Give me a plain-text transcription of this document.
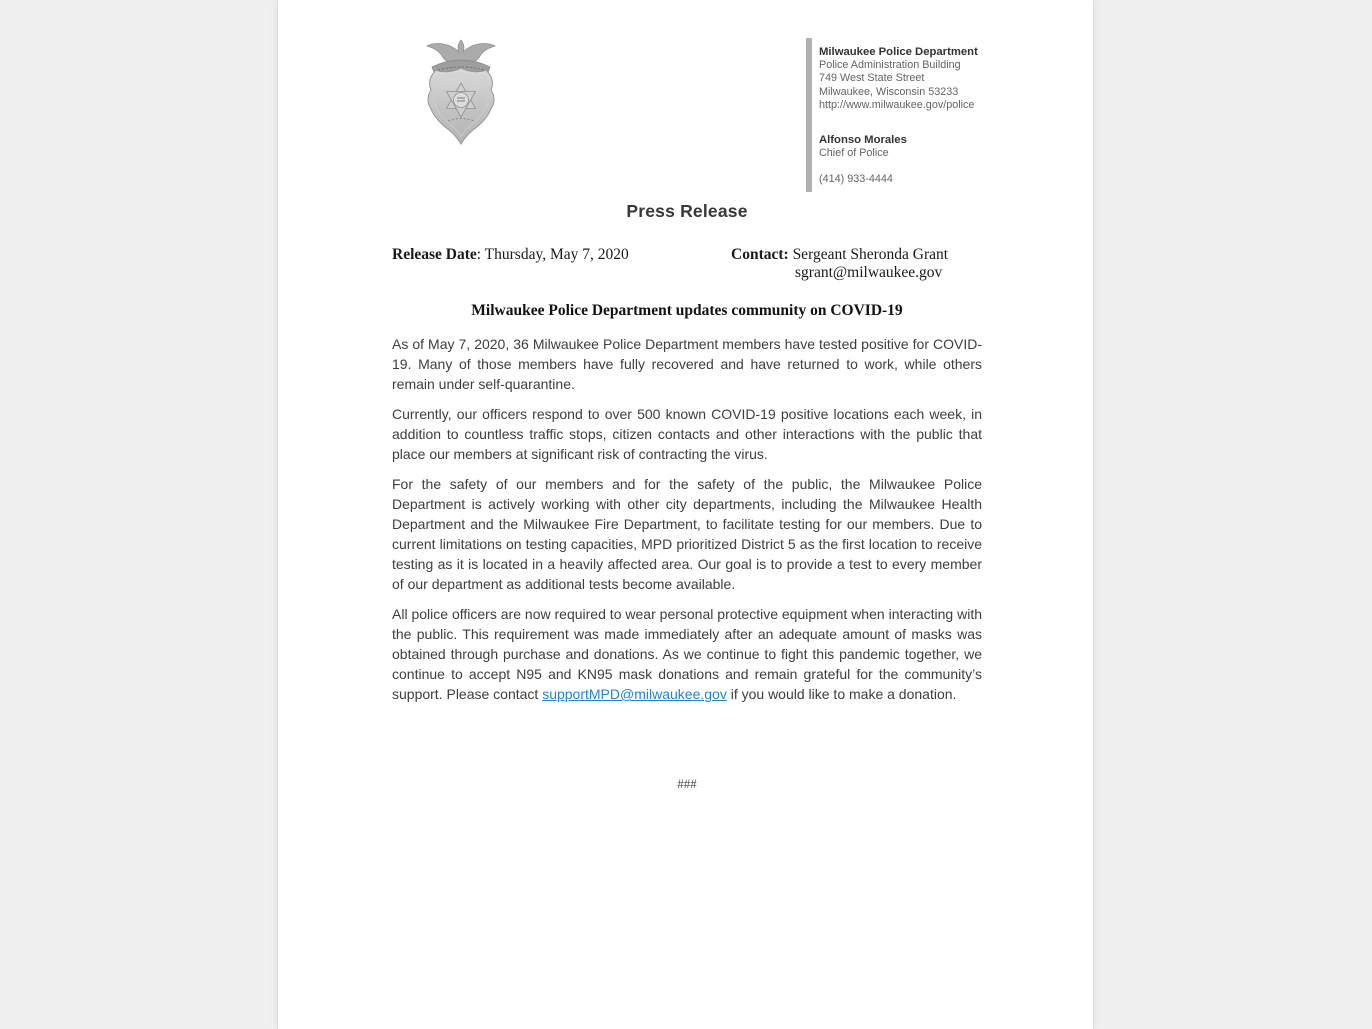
Milwaukee Police Department
Police Administration Building
749 West State Street
Milwaukee, Wisconsin 53233
http://www.milwaukee.gov/police
Alfonso Morales
Chief of Police
(414) 933-4444
Press Release
Release Date: Thursday, May 7, 2020	Contact: Sergeant Sheronda Grant
sgrant@milwaukee.gov
Milwaukee Police Department updates community on COVID-19

As of May 7, 2020, 36 Milwaukee Police Department members have tested positive for COVID-19. Many of those members have fully recovered and have returned to work, while others remain under self-quarantine.

Currently, our officers respond to over 500 known COVID-19 positive locations each week, in addition to countless traffic stops, citizen contacts and other interactions with the public that place our members at significant risk of contracting the virus.

For the safety of our members and for the safety of the public, the Milwaukee Police Department is actively working with other city departments, including the Milwaukee Health Department and the Milwaukee Fire Department, to facilitate testing for our members. Due to current limitations on testing capacities, MPD prioritized District 5 as the first location to receive testing as it is located in a heavily affected area. Our goal is to provide a test to every member of our department as additional tests become available.

All police officers are now required to wear personal protective equipment when interacting with the public. This requirement was made immediately after an adequate amount of masks was obtained through purchase and donations. As we continue to fight this pandemic together, we continue to accept N95 and KN95 mask donations and remain grateful for the community’s support. Please contact supportMPD@milwaukee.gov if you would like to make a donation.

###
